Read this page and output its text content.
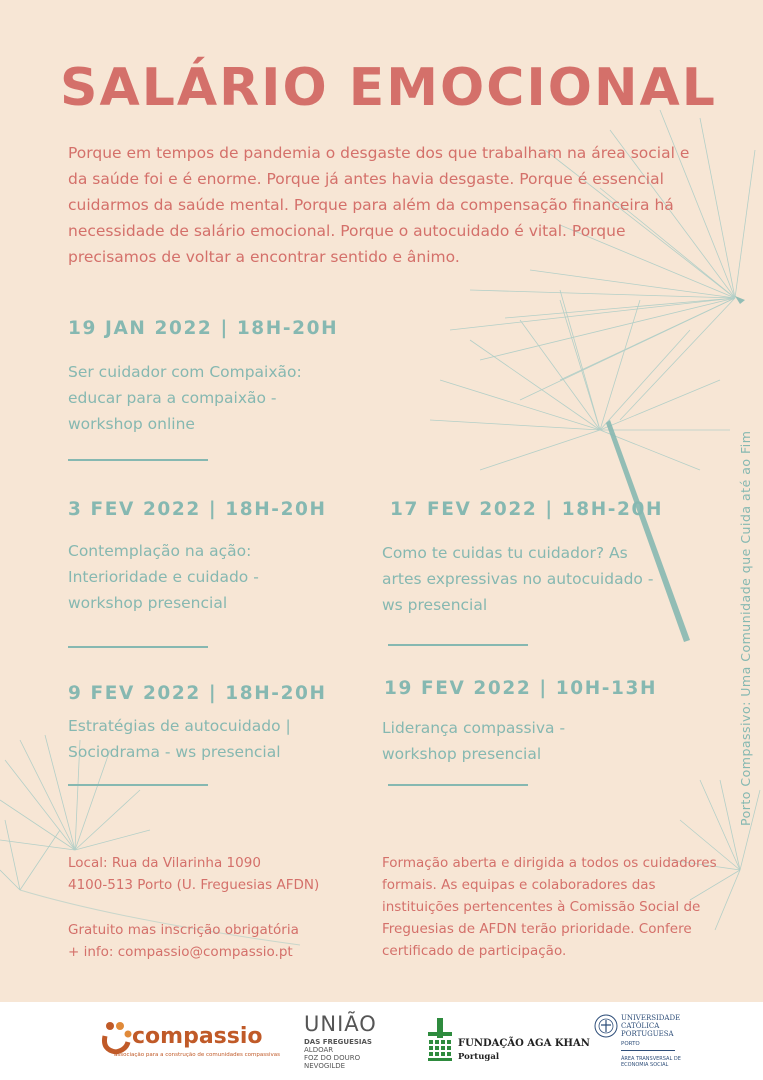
SALÁRIO EMOCIONAL

Porque em tempos de pandemia o desgaste dos que trabalham na área social e da saúde foi e é enorme. Porque já antes havia desgaste. Porque é essencial cuidarmos da saúde mental. Porque para além da compensação financeira há necessidade de salário emocional. Porque o autocuidado é vital. Porque precisamos de voltar a encontrar sentido e ânimo.

19 JAN 2022 | 18H-20H

Ser cuidador com Compaixão: educar para a compaixão - workshop online

3 FEV 2022 | 18H-20H

Contemplação na ação: Interioridade e cuidado - workshop presencial

17 FEV 2022 | 18H-20H

Como te cuidas tu cuidador? As artes expressivas no autocuidado - ws presencial

9 FEV 2022 | 18H-20H

Estratégias de autocuidado | Sociodrama - ws presencial

19 FEV 2022 | 10H-13H

Liderança compassiva - workshop presencial

Local: Rua da Vilarinha 1090

4100-513 Porto (U. Freguesias AFDN)

Gratuito mas inscrição obrigatória

+ info: compassio@compassio.pt

Formação aberta e dirigida a todos os cuidadores formais. As equipas e colaboradores das instituições pertencentes à Comissão Social de Freguesias de AFDN terão prioridade. Confere certificado de participação.

Porto Compassivo: Uma Comunidade que Cuida até ao Fim
compassio
associação para a construção de comunidades compassivas
UNIÃO
DAS FREGUESIAS
ALDOAR
FOZ DO DOURO
NEVOGILDE
FUNDAÇÃO AGA KHAN
Portugal
UNIVERSIDADE
CATÓLICA
PORTUGUESA
PORTO
ÁREA TRANSVERSAL DE
ECONOMIA SOCIAL
